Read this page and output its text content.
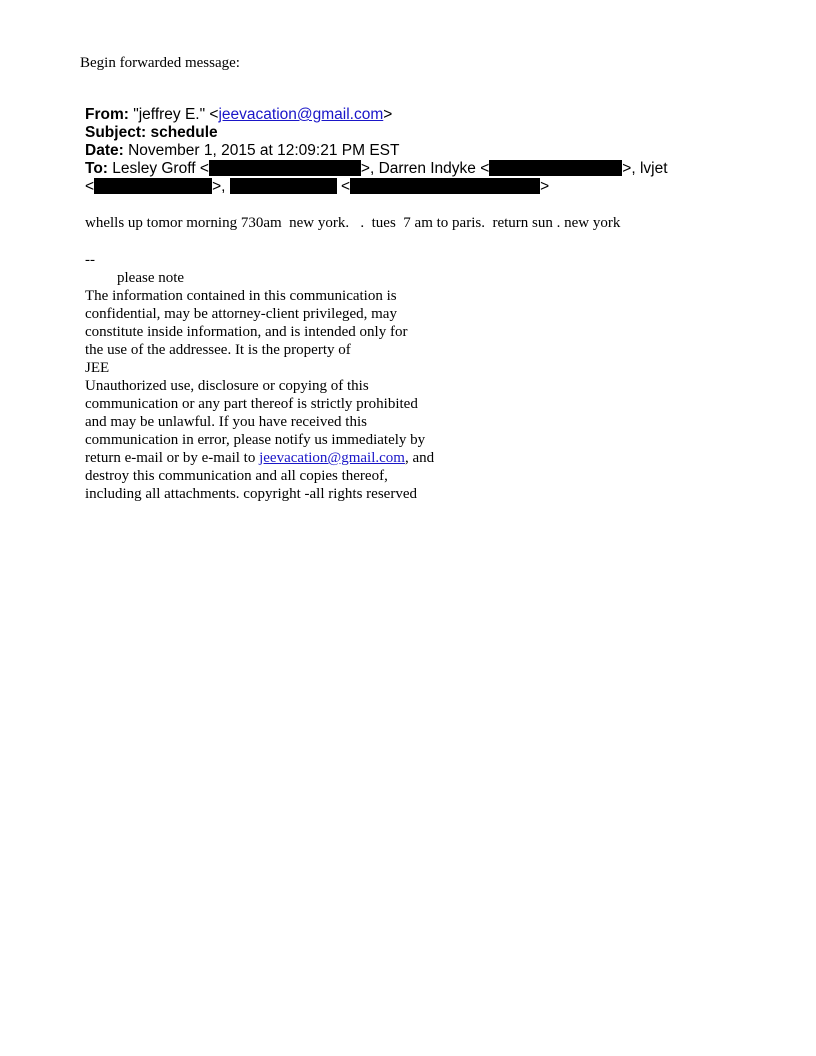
Begin forwarded message:
From: "jeffrey E." <jeevacation@gmail.com>
Subject: schedule
Date: November 1, 2015 at 12:09:21 PM EST
To: Lesley Groff <	>, Darren Indyke <	>, lvjet
<	>,	<	>
whells up tomor morning 730am  new york.   .  tues  7 am to paris.  return sun . new york
--
please note
The information contained in this communication is
confidential, may be attorney-client privileged, may
constitute inside information, and is intended only for
the use of the addressee. It is the property of
JEE
Unauthorized use, disclosure or copying of this
communication or any part thereof is strictly prohibited
and may be unlawful. If you have received this
communication in error, please notify us immediately by
return e-mail or by e-mail to jeevacation@gmail.com, and
destroy this communication and all copies thereof,
including all attachments. copyright -all rights reserved
